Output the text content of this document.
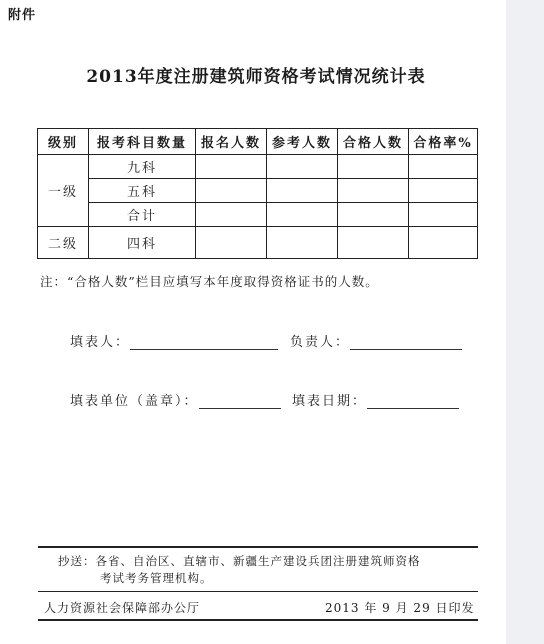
附件
2013年度注册建筑师资格考试情况统计表
级别	报考科目数量	报名人数	参考人数	合格人数	合格率%
一级	九科				
	五科				
	合计				
二级	四科				
注：“合格人数”栏目应填写本年度取得资格证书的人数。
填表人：	负责人：
填表单位（盖章）：	填表日期：
抄送：各省、自治区、直辖市、新疆生产建设兵团注册建筑师资格
考试考务管理机构。
人力资源社会保障部办公厅	2013 年 9 月 29 日印发
